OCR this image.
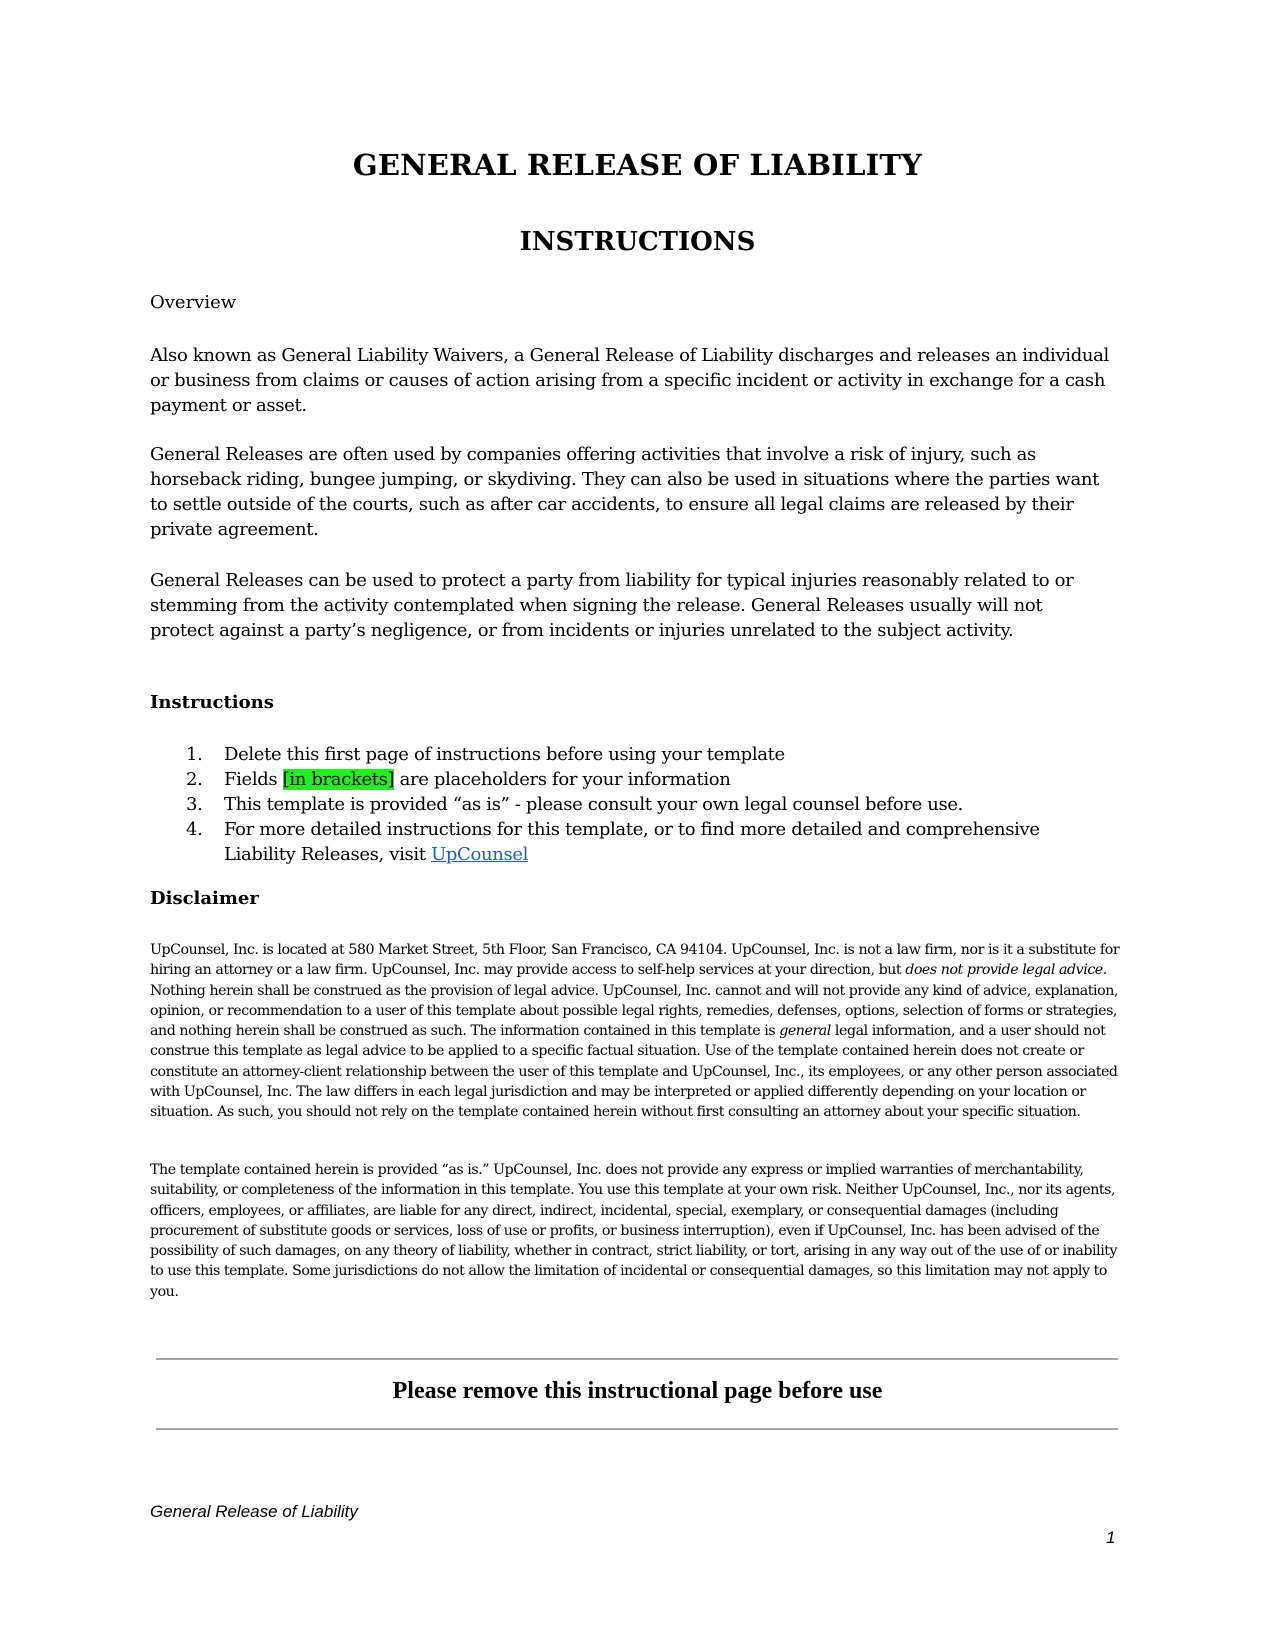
GENERAL RELEASE OF LIABILITY
INSTRUCTIONS
Overview
Also known as General Liability Waivers, a General Release of Liability discharges and releases an individual or business from claims or causes of action arising from a specific incident or activity in exchange for a cash payment or asset.
General Releases are often used by companies offering activities that involve a risk of injury, such as horseback riding, bungee jumping, or skydiving. They can also be used in situations where the parties want to settle outside of the courts, such as after car accidents, to ensure all legal claims are released by their private agreement.
General Releases can be used to protect a party from liability for typical injuries reasonably related to or stemming from the activity contemplated when signing the release. General Releases usually will not protect against a party’s negligence, or from incidents or injuries unrelated to the subject activity.
Instructions
1. Delete this first page of instructions before using your template
2. Fields [in brackets] are placeholders for your information
3. This template is provided “as is” - please consult your own legal counsel before use.
4. For more detailed instructions for this template, or to find more detailed and comprehensive Liability Releases, visit UpCounsel
Disclaimer
UpCounsel, Inc. is located at 580 Market Street, 5th Floor, San Francisco, CA 94104. UpCounsel, Inc. is not a law firm, nor is it a substitute for hiring an attorney or a law firm. UpCounsel, Inc. may provide access to self-help services at your direction, but does not provide legal advice. Nothing herein shall be construed as the provision of legal advice. UpCounsel, Inc. cannot and will not provide any kind of advice, explanation, opinion, or recommendation to a user of this template about possible legal rights, remedies, defenses, options, selection of forms or strategies, and nothing herein shall be construed as such. The information contained in this template is general legal information, and a user should not construe this template as legal advice to be applied to a specific factual situation. Use of the template contained herein does not create or constitute an attorney-client relationship between the user of this template and UpCounsel, Inc., its employees, or any other person associated with UpCounsel, Inc. The law differs in each legal jurisdiction and may be interpreted or applied differently depending on your location or situation. As such, you should not rely on the template contained herein without first consulting an attorney about your specific situation.
The template contained herein is provided “as is.” UpCounsel, Inc. does not provide any express or implied warranties of merchantability, suitability, or completeness of the information in this template. You use this template at your own risk. Neither UpCounsel, Inc., nor its agents, officers, employees, or affiliates, are liable for any direct, indirect, incidental, special, exemplary, or consequential damages (including procurement of substitute goods or services, loss of use or profits, or business interruption), even if UpCounsel, Inc. has been advised of the possibility of such damages, on any theory of liability, whether in contract, strict liability, or tort, arising in any way out of the use of or inability to use this template. Some jurisdictions do not allow the limitation of incidental or consequential damages, so this limitation may not apply to you.
Please remove this instructional page before use
General Release of Liability
1
